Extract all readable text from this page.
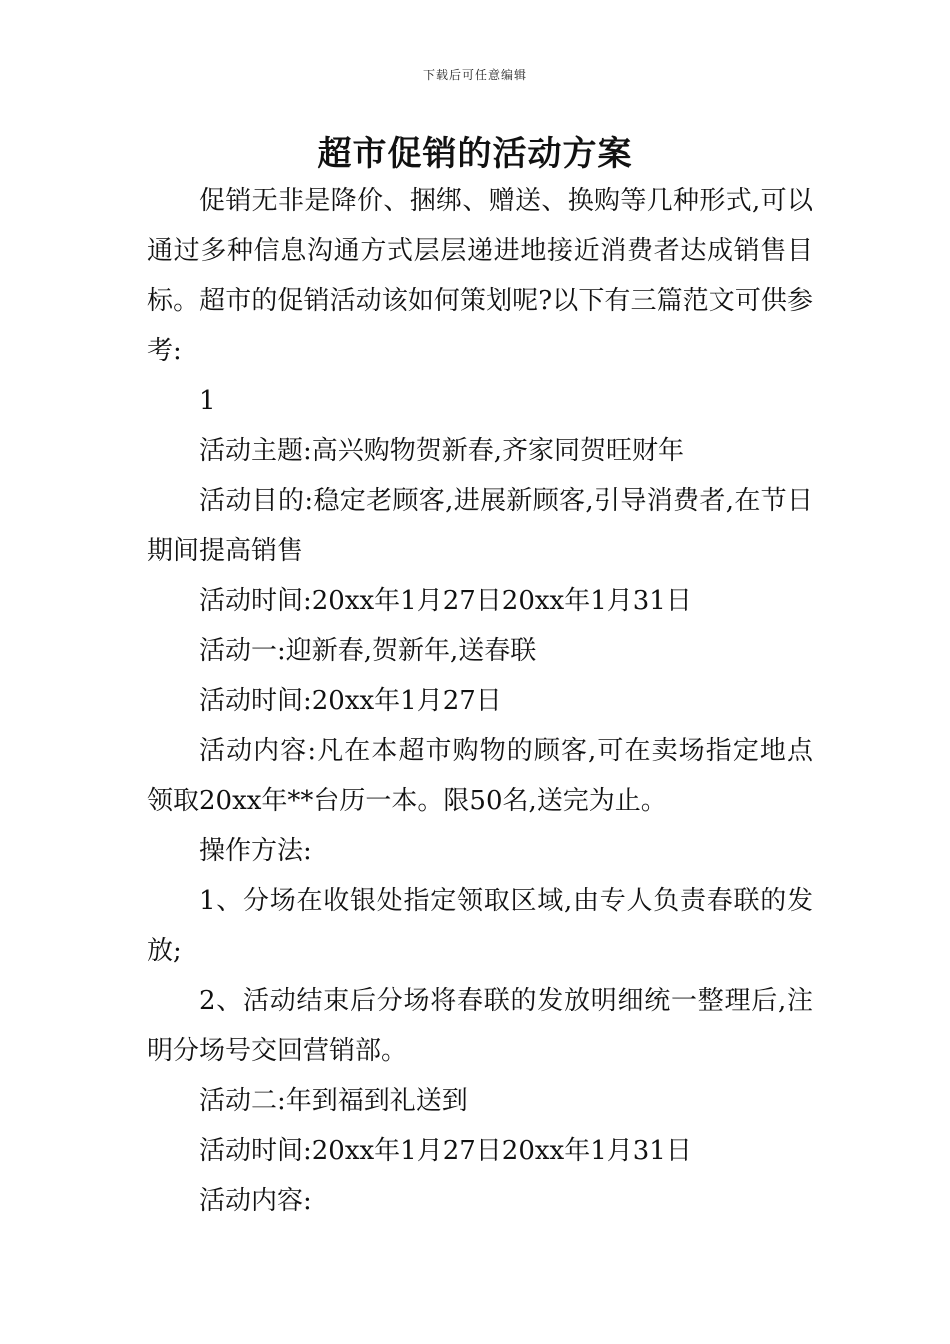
下载后可任意编辑
超市促销的活动方案

促销无非是降价、捆绑、赠送、换购等几种形式,可以通过多种信息沟通方式层层递进地接近消费者达成销售目标。超市的促销活动该如何策划呢?以下有三篇范文可供参考:

1

活动主题:高兴购物贺新春,齐家同贺旺财年

活动目的:稳定老顾客,进展新顾客,引导消费者,在节日期间提高销售

活动时间:20xx年1月27日20xx年1月31日

活动一:迎新春,贺新年,送春联

活动时间:20xx年1月27日

活动内容:凡在本超市购物的顾客,可在卖场指定地点领取20xx年**台历一本。限50名,送完为止。

操作方法:

1、分场在收银处指定领取区域,由专人负责春联的发放;

2、活动结束后分场将春联的发放明细统一整理后,注明分场号交回营销部。

活动二:年到福到礼送到

活动时间:20xx年1月27日20xx年1月31日

活动内容:
